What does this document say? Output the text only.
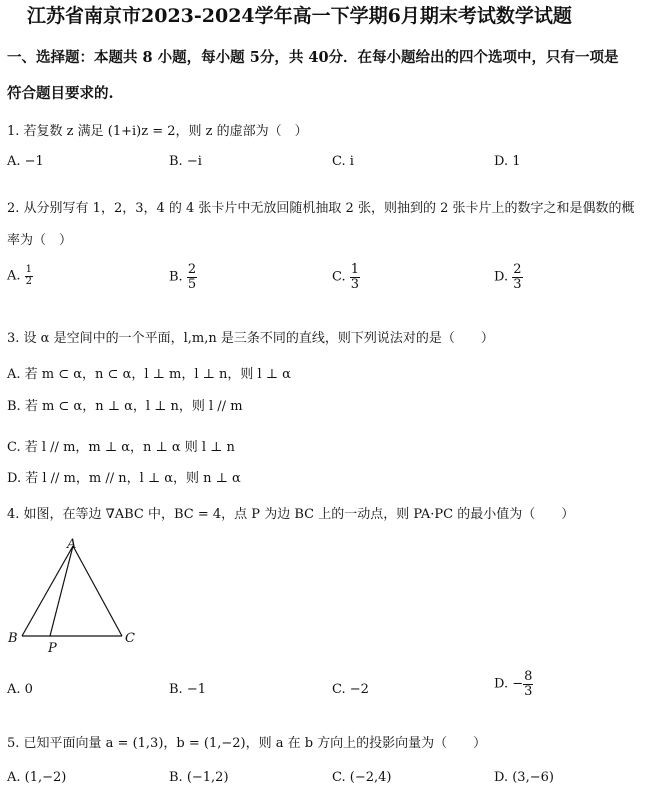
江苏省南京市2023-2024学年高一下学期6月期末考试数学试题
一、选择题：本题共 8 小题，每小题 5分，共 40分．在每小题给出的四个选项中，只有一项是
符合题目要求的.
1. 若复数 z 满足 (1+i)z = 2，则 z 的虚部为（　）
A. −1	B. −i	C. i	D. 1
2. 从分别写有 1，2，3，4 的 4 张卡片中无放回随机抽取 2 张，则抽到的 2 张卡片上的数字之和是偶数的概
率为（　）
A. $\frac{1}{2}$	B. $\frac{2}{5}$	C. $\frac{1}{3}$	D. $\frac{2}{3}$
3. 设 α 是空间中的一个平面，l,m,n 是三条不同的直线，则下列说法对的是（　　）
A. 若 m ⊂ α，n ⊂ α，l ⊥ m，l ⊥ n，则 l ⊥ α
B. 若 m ⊂ α，n ⊥ α，l ⊥ n，则 l // m
C. 若 l // m，m ⊥ α，n ⊥ α 则 l ⊥ n
D. 若 l // m，m // n，l ⊥ α，则 n ⊥ α
4. 如图，在等边 ∇ABC 中，BC = 4，点 P 为边 BC 上的一动点，则 PA·PC 的最小值为（　　）
A
B	C
P
A. 0	B. −1	C. −2	D. − $\frac{8}{3}$
5. 已知平面向量 a = (1,3)，b = (1,−2)，则 a 在 b 方向上的投影向量为（　　）
A. (1,−2)	B. (−1,2)	C. (−2,4)	D. (3,−6)
